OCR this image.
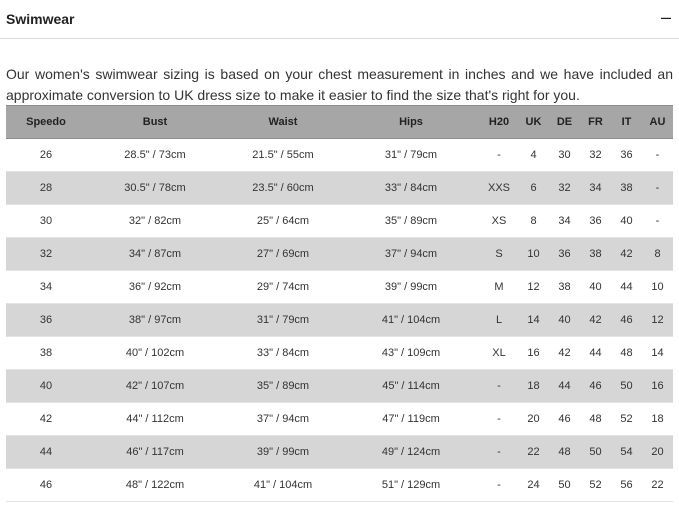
Swimwear	–

Our women's swimwear sizing is based on your chest measurement in inches and we have included an approximate conversion to UK dress size to make it easier to find the size that's right for you.

Speedo	Bust	Waist	Hips	H20	UK	DE	FR	IT	AU
26	28.5" / 73cm	21.5" / 55cm	31" / 79cm	-	4	30	32	36	-
28	30.5" / 78cm	23.5" / 60cm	33" / 84cm	XXS	6	32	34	38	-
30	32" / 82cm	25" / 64cm	35" / 89cm	XS	8	34	36	40	-
32	34" / 87cm	27" / 69cm	37" / 94cm	S	10	36	38	42	8
34	36" / 92cm	29" / 74cm	39" / 99cm	M	12	38	40	44	10
36	38" / 97cm	31" / 79cm	41" / 104cm	L	14	40	42	46	12
38	40" / 102cm	33" / 84cm	43" / 109cm	XL	16	42	44	48	14
40	42" / 107cm	35" / 89cm	45" / 114cm	-	18	44	46	50	16
42	44" / 112cm	37" / 94cm	47" / 119cm	-	20	46	48	52	18
44	46" / 117cm	39" / 99cm	49" / 124cm	-	22	48	50	54	20
46	48" / 122cm	41" / 104cm	51" / 129cm	-	24	50	52	56	22
